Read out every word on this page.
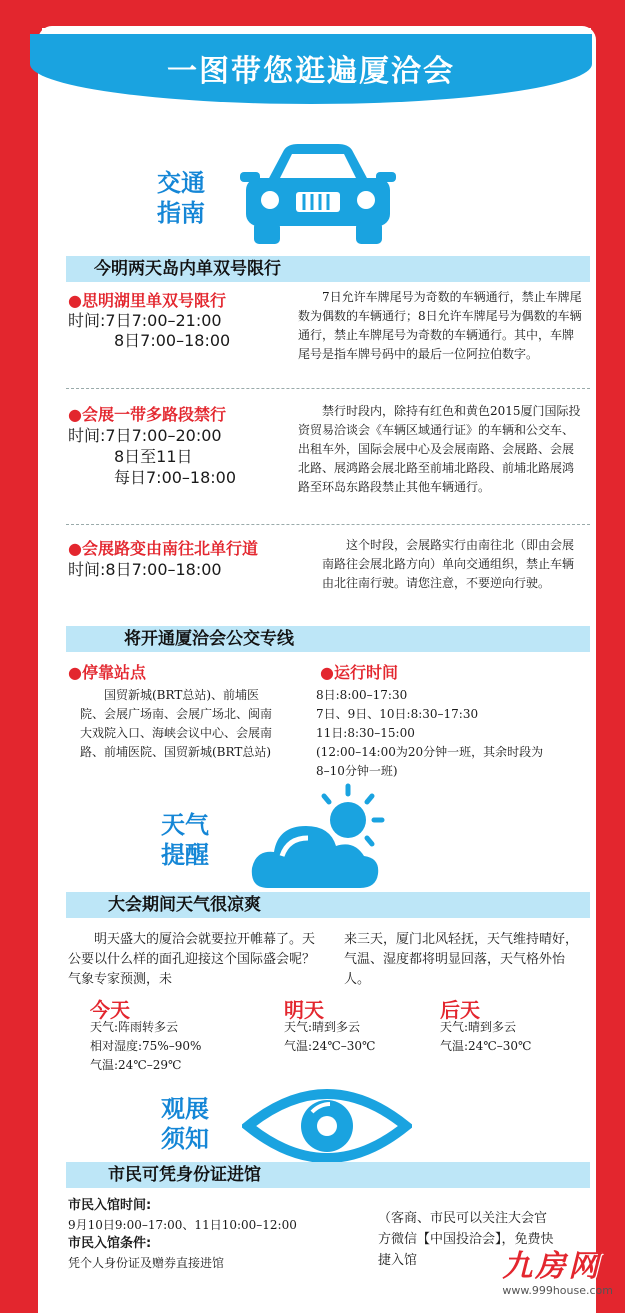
一图带您逛遍厦洽会
交通
指南
今明两天岛内单双号限行
●思明湖里单双号限行
时间:7日7:00–21:00
8日7:00–18:00
7日允许车牌尾号为奇数的车辆通行，禁止车牌尾数为偶数的车辆通行；8日允许车牌尾号为偶数的车辆通行，禁止车牌尾号为奇数的车辆通行。其中，车牌尾号是指车牌号码中的最后一位阿拉伯数字。
●会展一带多路段禁行
时间:7日7:00–20:00
8日至11日
每日7:00–18:00
禁行时段内，除持有红色和黄色2015厦门国际投资贸易洽谈会《车辆区域通行证》的车辆和公交车、出租车外，国际会展中心及会展南路、会展路、会展北路、展鸿路会展北路至前埔北路段、前埔北路展鸿路至环岛东路段禁止其他车辆通行。
●会展路变由南往北单行道
时间:8日7:00–18:00
这个时段，会展路实行由南往北（即由会展南路往会展北路方向）单向交通组织，禁止车辆由北往南行驶。请您注意，不要逆向行驶。
将开通厦洽会公交专线
●停靠站点
国贸新城(BRT总站)、前埔医院、会展广场南、会展广场北、闽南大戏院入口、海峡会议中心、会展南路、前埔医院、国贸新城(BRT总站)
●运行时间
8日:8:00–17:30
7日、9日、10日:8:30–17:30
11日:8:30–15:00
(12:00–14:00为20分钟一班，其余时段为
8–10分钟一班)
天气
提醒
大会期间天气很凉爽
明天盛大的厦洽会就要拉开帷幕了。天公要以什么样的面孔迎接这个国际盛会呢？气象专家预测，未
来三天，厦门北风轻抚，天气维持晴好，气温、湿度都将明显回落，天气格外怡人。
今天
天气:阵雨转多云
相对湿度:75%–90%
气温:24℃–29℃
明天
天气:晴到多云
气温:24℃–30℃
后天
天气:晴到多云
气温:24℃–30℃
观展
须知
市民可凭身份证进馆
市民入馆时间:
9月10日9:00–17:00、11日10:00–12:00
市民入馆条件:
凭个人身份证及赠券直接进馆
（客商、市民可以关注大会官方微信【中国投洽会】，免费快捷入馆	九房网
www.999house.com
